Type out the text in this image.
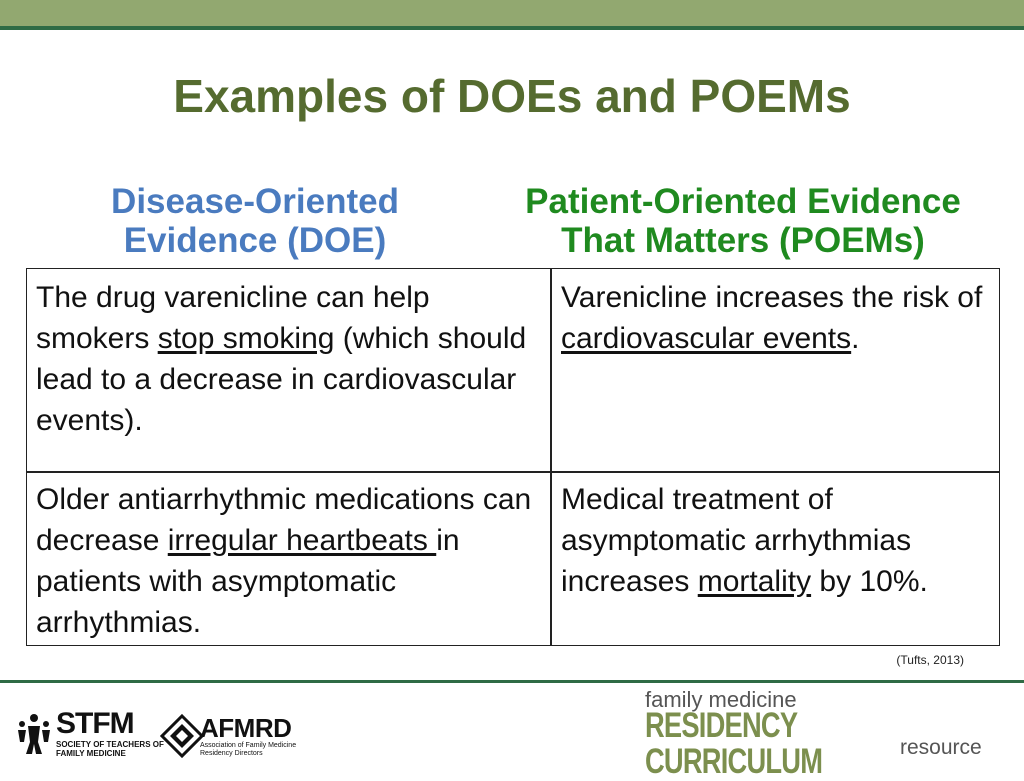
Examples of DOEs and POEMs
Disease-Oriented
Evidence (DOE)
Patient-Oriented Evidence
That Matters (POEMs)
The drug varenicline can help smokers stop smoking (which should lead to a decrease in cardiovascular events).
Varenicline increases the risk of cardiovascular events.
Older antiarrhythmic medications can decrease irregular heartbeats in patients with asymptomatic arrhythmias.
Medical treatment of asymptomatic arrhythmias increases mortality by 10%.
(Tufts, 2013)
STFM
SOCIETY OF TEACHERS OF FAMILY MEDICINE
AFMRD
Association of Family Medicine Residency Directors
family medicine
RESIDENCY CURRICULUM	resource
